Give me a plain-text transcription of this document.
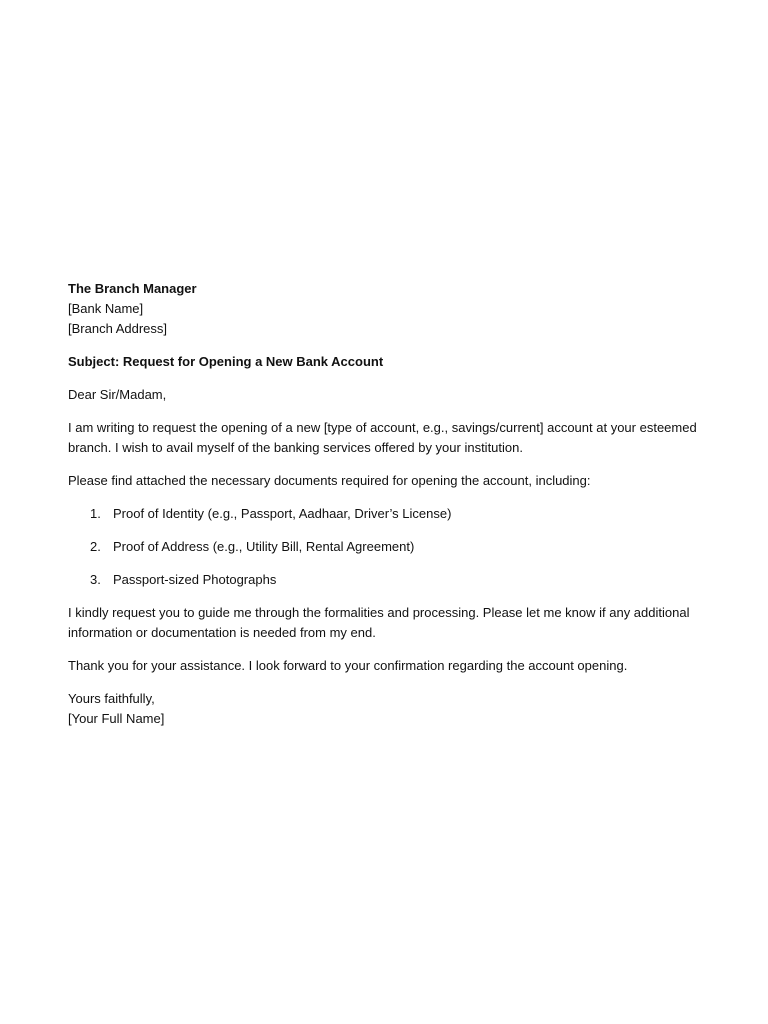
The Branch Manager
[Bank Name]
[Branch Address]

Subject: Request for Opening a New Bank Account

Dear Sir/Madam,

I am writing to request the opening of a new [type of account, e.g., savings/current] account at your esteemed branch. I wish to avail myself of the banking services offered by your institution.

Please find attached the necessary documents required for opening the account, including:

1. Proof of Identity (e.g., Passport, Aadhaar, Driver’s License)
2. Proof of Address (e.g., Utility Bill, Rental Agreement)
3. Passport-sized Photographs

I kindly request you to guide me through the formalities and processing. Please let me know if any additional information or documentation is needed from my end.

Thank you for your assistance. I look forward to your confirmation regarding the account opening.

Yours faithfully,
[Your Full Name]
